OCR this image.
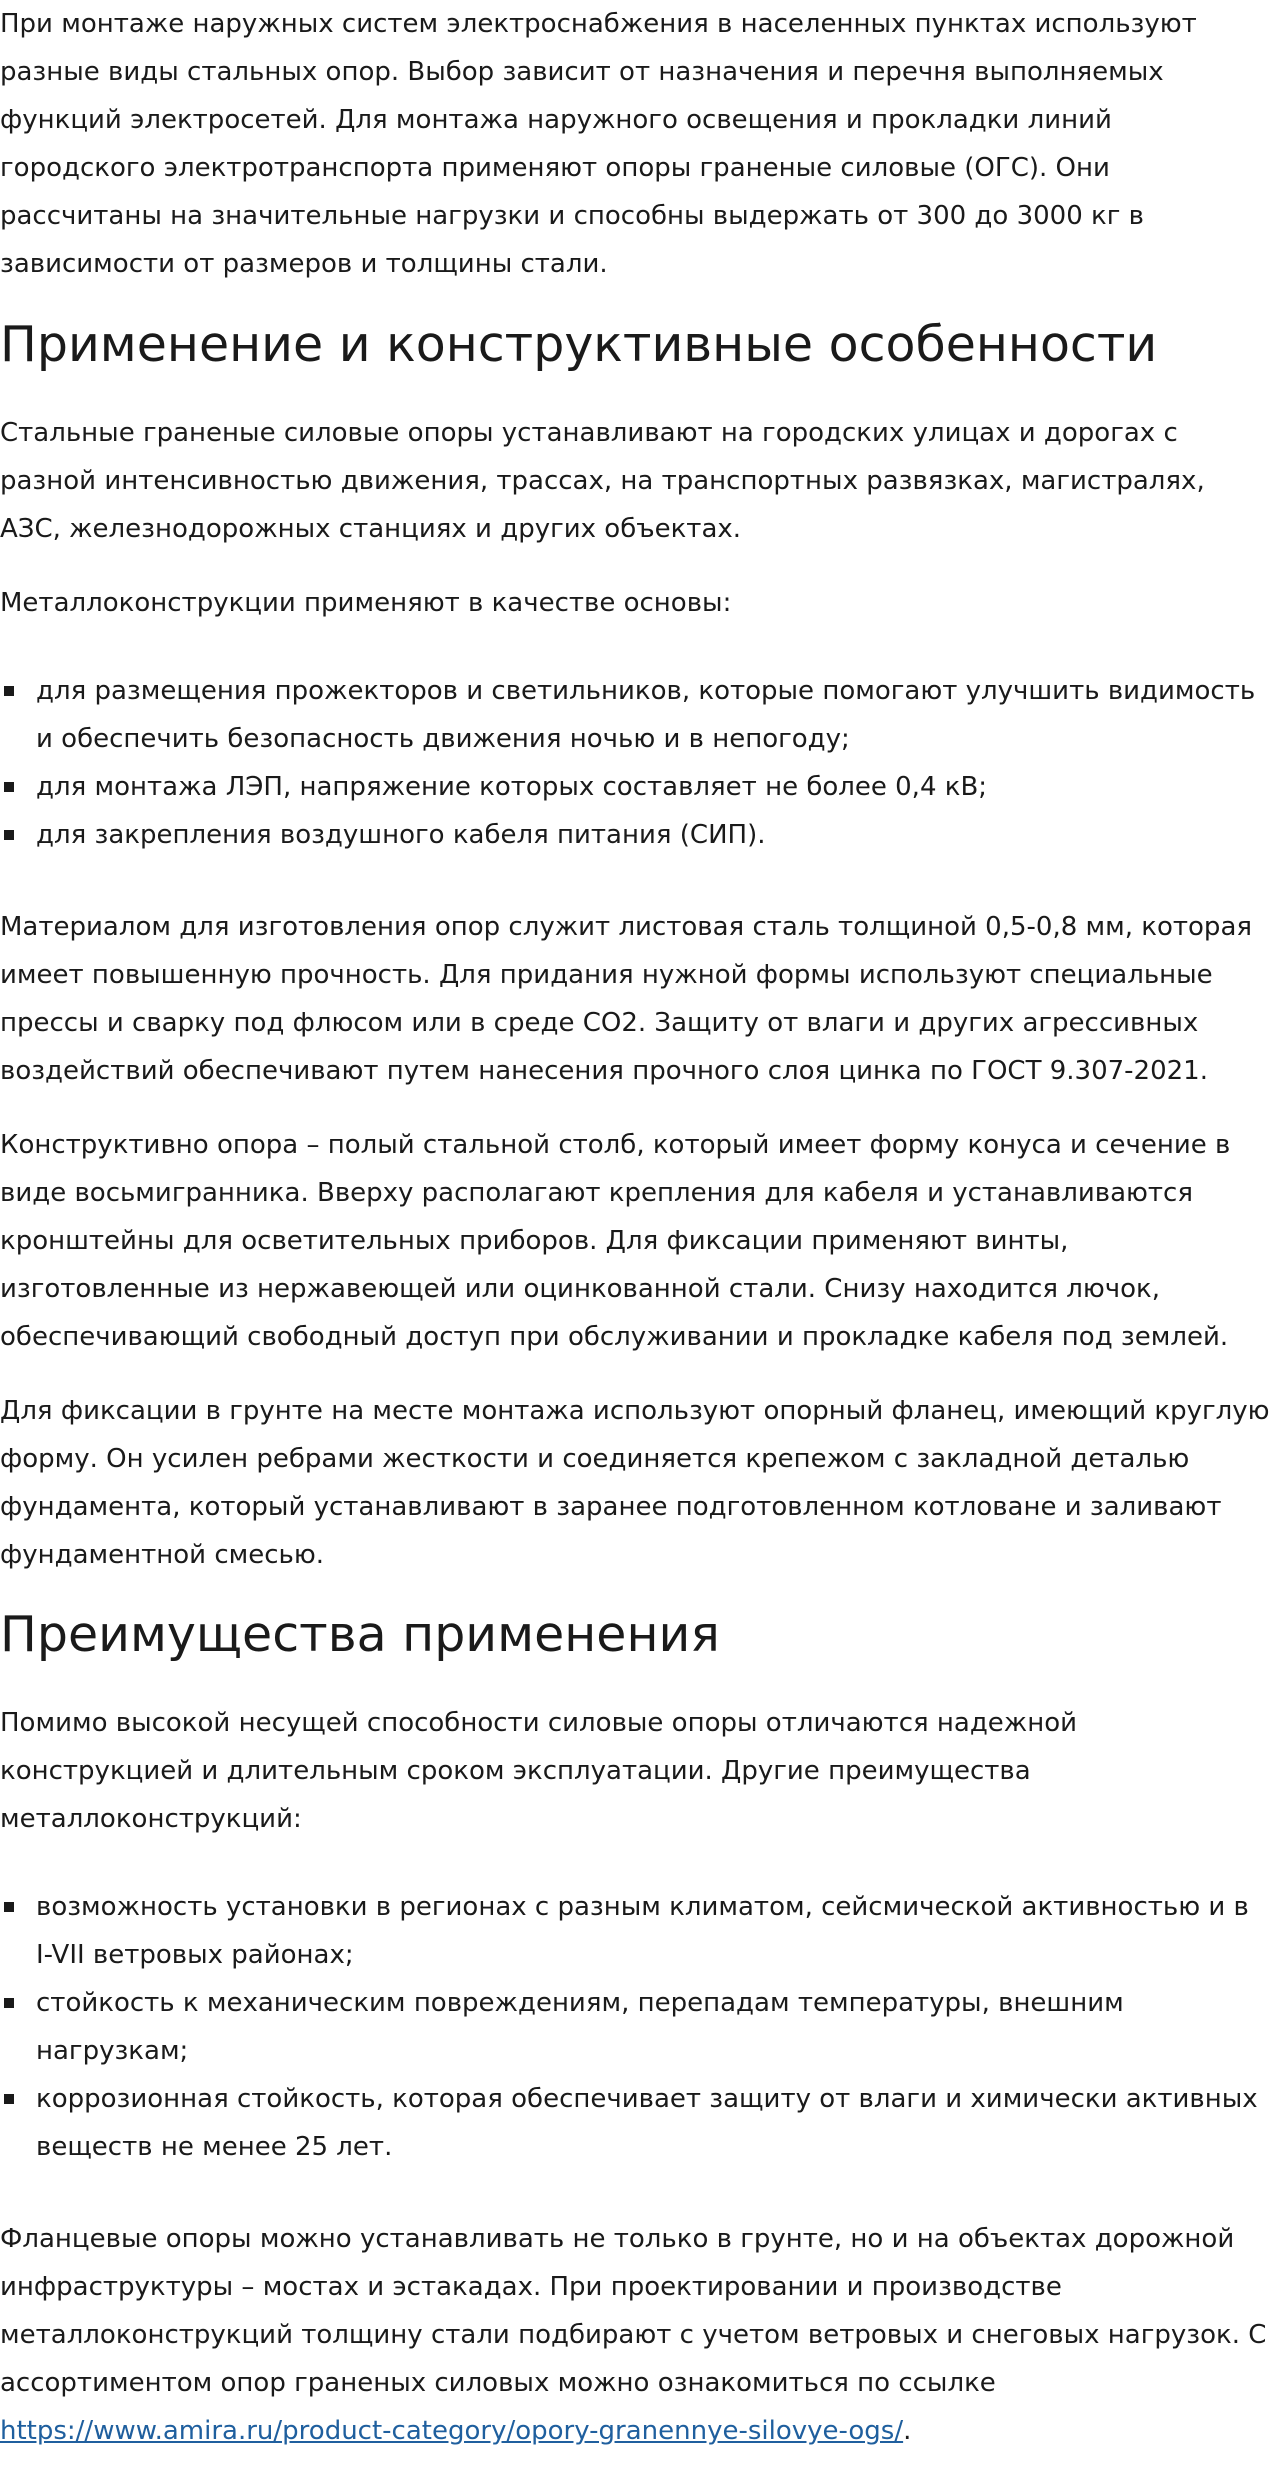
При монтаже наружных систем электроснабжения в населенных пунктах используют разные виды стальных опор. Выбор зависит от назначения и перечня выполняемых функций электросетей. Для монтажа наружного освещения и прокладки линий городского электротранспорта применяют опоры граненые силовые (ОГС). Они рассчитаны на значительные нагрузки и способны выдержать от 300 до 3000 кг в зависимости от размеров и толщины стали.

Применение и конструктивные особенности

Стальные граненые силовые опоры устанавливают на городских улицах и дорогах с разной интенсивностью движения, трассах, на транспортных развязках, магистралях, АЗС, железнодорожных станциях и других объектах.

Металлоконструкции применяют в качестве основы:

для размещения прожекторов и светильников, которые помогают улучшить видимость и обеспечить безопасность движения ночью и в непогоду;
для монтажа ЛЭП, напряжение которых составляет не более 0,4 кВ;
для закрепления воздушного кабеля питания (СИП).

Материалом для изготовления опор служит листовая сталь толщиной 0,5-0,8 мм, которая имеет повышенную прочность. Для придания нужной формы используют специальные прессы и сварку под флюсом или в среде CO2. Защиту от влаги и других агрессивных воздействий обеспечивают путем нанесения прочного слоя цинка по ГОСТ 9.307-2021.

Конструктивно опора – полый стальной столб, который имеет форму конуса и сечение в виде восьмигранника. Вверху располагают крепления для кабеля и устанавливаются кронштейны для осветительных приборов. Для фиксации применяют винты, изготовленные из нержавеющей или оцинкованной стали. Снизу находится лючок, обеспечивающий свободный доступ при обслуживании и прокладке кабеля под землей.

Для фиксации в грунте на месте монтажа используют опорный фланец, имеющий круглую форму. Он усилен ребрами жесткости и соединяется крепежом с закладной деталью фундамента, который устанавливают в заранее подготовленном котловане и заливают фундаментной смесью.

Преимущества применения

Помимо высокой несущей способности силовые опоры отличаются надежной конструкцией и длительным сроком эксплуатации. Другие преимущества металлоконструкций:

возможность установки в регионах с разным климатом, сейсмической активностью и в I-VII ветровых районах;
стойкость к механическим повреждениям, перепадам температуры, внешним нагрузкам;
коррозионная стойкость, которая обеспечивает защиту от влаги и химически активных веществ не менее 25 лет.

Фланцевые опоры можно устанавливать не только в грунте, но и на объектах дорожной инфраструктуры – мостах и эстакадах. При проектировании и производстве металлоконструкций толщину стали подбирают с учетом ветровых и снеговых нагрузок. С ассортиментом опор граненых силовых можно ознакомиться по ссылке https://www.amira.ru/product-category/opory-granennye-silovye-ogs/.
